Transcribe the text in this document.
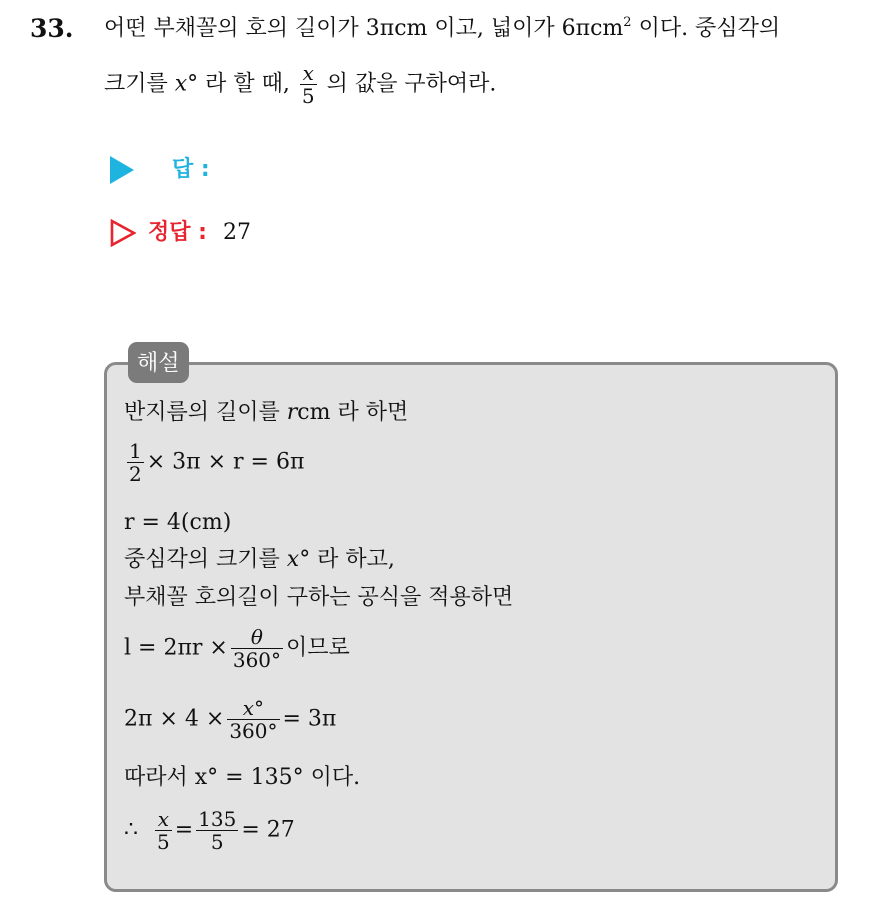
33. 어떤 부채꼴의 호의 길이가 3πcm 이고, 넓이가 6πcm$^2$ 이다. 중심각의
크기를 x° 라 할 때, $\frac{x}{5}$ 의 값을 구하여라.
답 :
정답 : 27
해설
반지름의 길이를 rcm 라 하면
$\frac{1}{2} \times 3\pi \times r = 6\pi$
r = 4(cm)
중심각의 크기를 x° 라 하고,
부채꼴 호의길이 구하는 공식을 적용하면
$l = 2\pi r \times \frac{\theta}{360^\circ}$ 이므로
$2\pi \times 4 \times \frac{x^\circ}{360^\circ} = 3\pi$
따라서 x° = 135° 이다.
∴ $\frac{x}{5} = \frac{135}{5} = 27$
